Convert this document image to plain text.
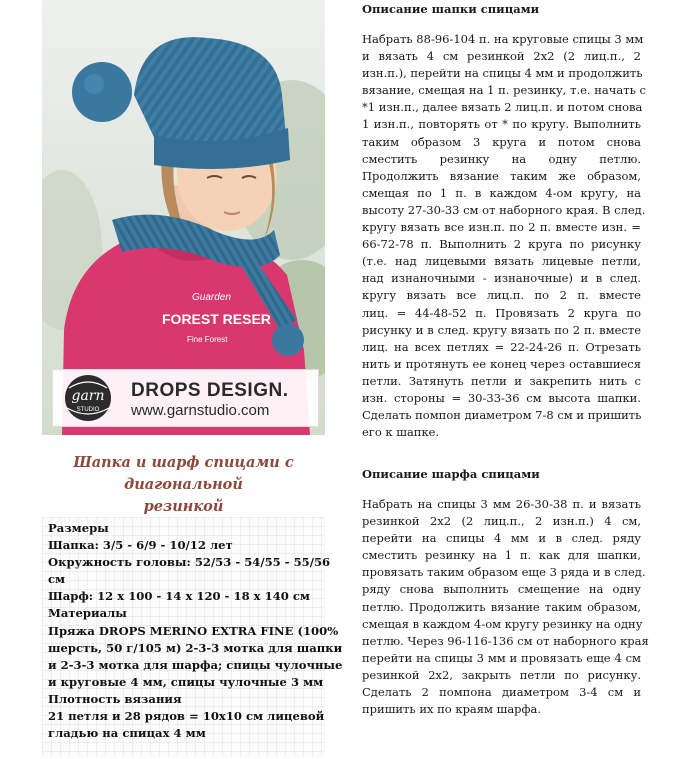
Guarden
FOREST RESER
Fine Forest
garn
STUDIO
DROPS DESIGN.
www.garnstudio.com
Шапка и шарф спицами с
диагональной
резинкой
Размеры
Шапка: 3/5 - 6/9 - 10/12 лет
Окружность головы: 52/53 - 54/55 - 55/56
см
Шарф: 12 x 100 - 14 x 120 - 18 x 140 см
Материалы
Пряжа DROPS MERINO EXTRA FINE (100%
шерсть, 50 г/105 м) 2-3-3 мотка для шапки
и 2-3-3 мотка для шарфа; спицы чулочные
и круговые 4 мм, спицы чулочные 3 мм
Плотность вязания
21 петля и 28 рядов = 10x10 см лицевой
гладью на спицах 4 мм
Описание шапки спицами
Набрать 88-96-104 п. на круговые спицы 3 мм
и вязать 4 см резинкой 2x2 (2 лиц.п., 2
изн.п.), перейти на спицы 4 мм и продолжить
вязание, смещая на 1 п. резинку, т.е. начать с
*1 изн.п., далее вязать 2 лиц.п. и потом снова
1 изн.п., повторять от * по кругу. Выполнить
таким образом 3 круга и потом снова
сместить резинку на одну петлю.
Продолжить вязание таким же образом,
смещая по 1 п. в каждом 4-ом кругу, на
высоту 27-30-33 см от наборного края. В след.
кругу вязать все изн.п. по 2 п. вместе изн. =
66-72-78 п. Выполнить 2 круга по рисунку
(т.е. над лицевыми вязать лицевые петли,
над изнаночными - изнаночные) и в след.
кругу вязать все лиц.п. по 2 п. вместе
лиц. = 44-48-52 п. Провязать 2 круга по
рисунку и в след. кругу вязать по 2 п. вместе
лиц. на всех петлях = 22-24-26 п. Отрезать
нить и протянуть ее конец через оставшиеся
петли. Затянуть петли и закрепить нить с
изн. стороны = 30-33-36 см высота шапки.
Сделать помпон диаметром 7-8 см и пришить
его к шапке.
Описание шарфа спицами
Набрать на спицы 3 мм 26-30-38 п. и вязать
резинкой 2x2 (2 лиц.п., 2 изн.п.) 4 см,
перейти на спицы 4 мм и в след. ряду
сместить резинку на 1 п. как для шапки,
провязать таким образом еще 3 ряда и в след.
ряду снова выполнить смещение на одну
петлю. Продолжить вязание таким образом,
смещая в каждом 4-ом кругу резинку на одну
петлю. Через 96-116-136 см от наборного края
перейти на спицы 3 мм и провязать еще 4 см
резинкой 2x2, закрыть петли по рисунку.
Сделать 2 помпона диаметром 3-4 см и
пришить их по краям шарфа.
